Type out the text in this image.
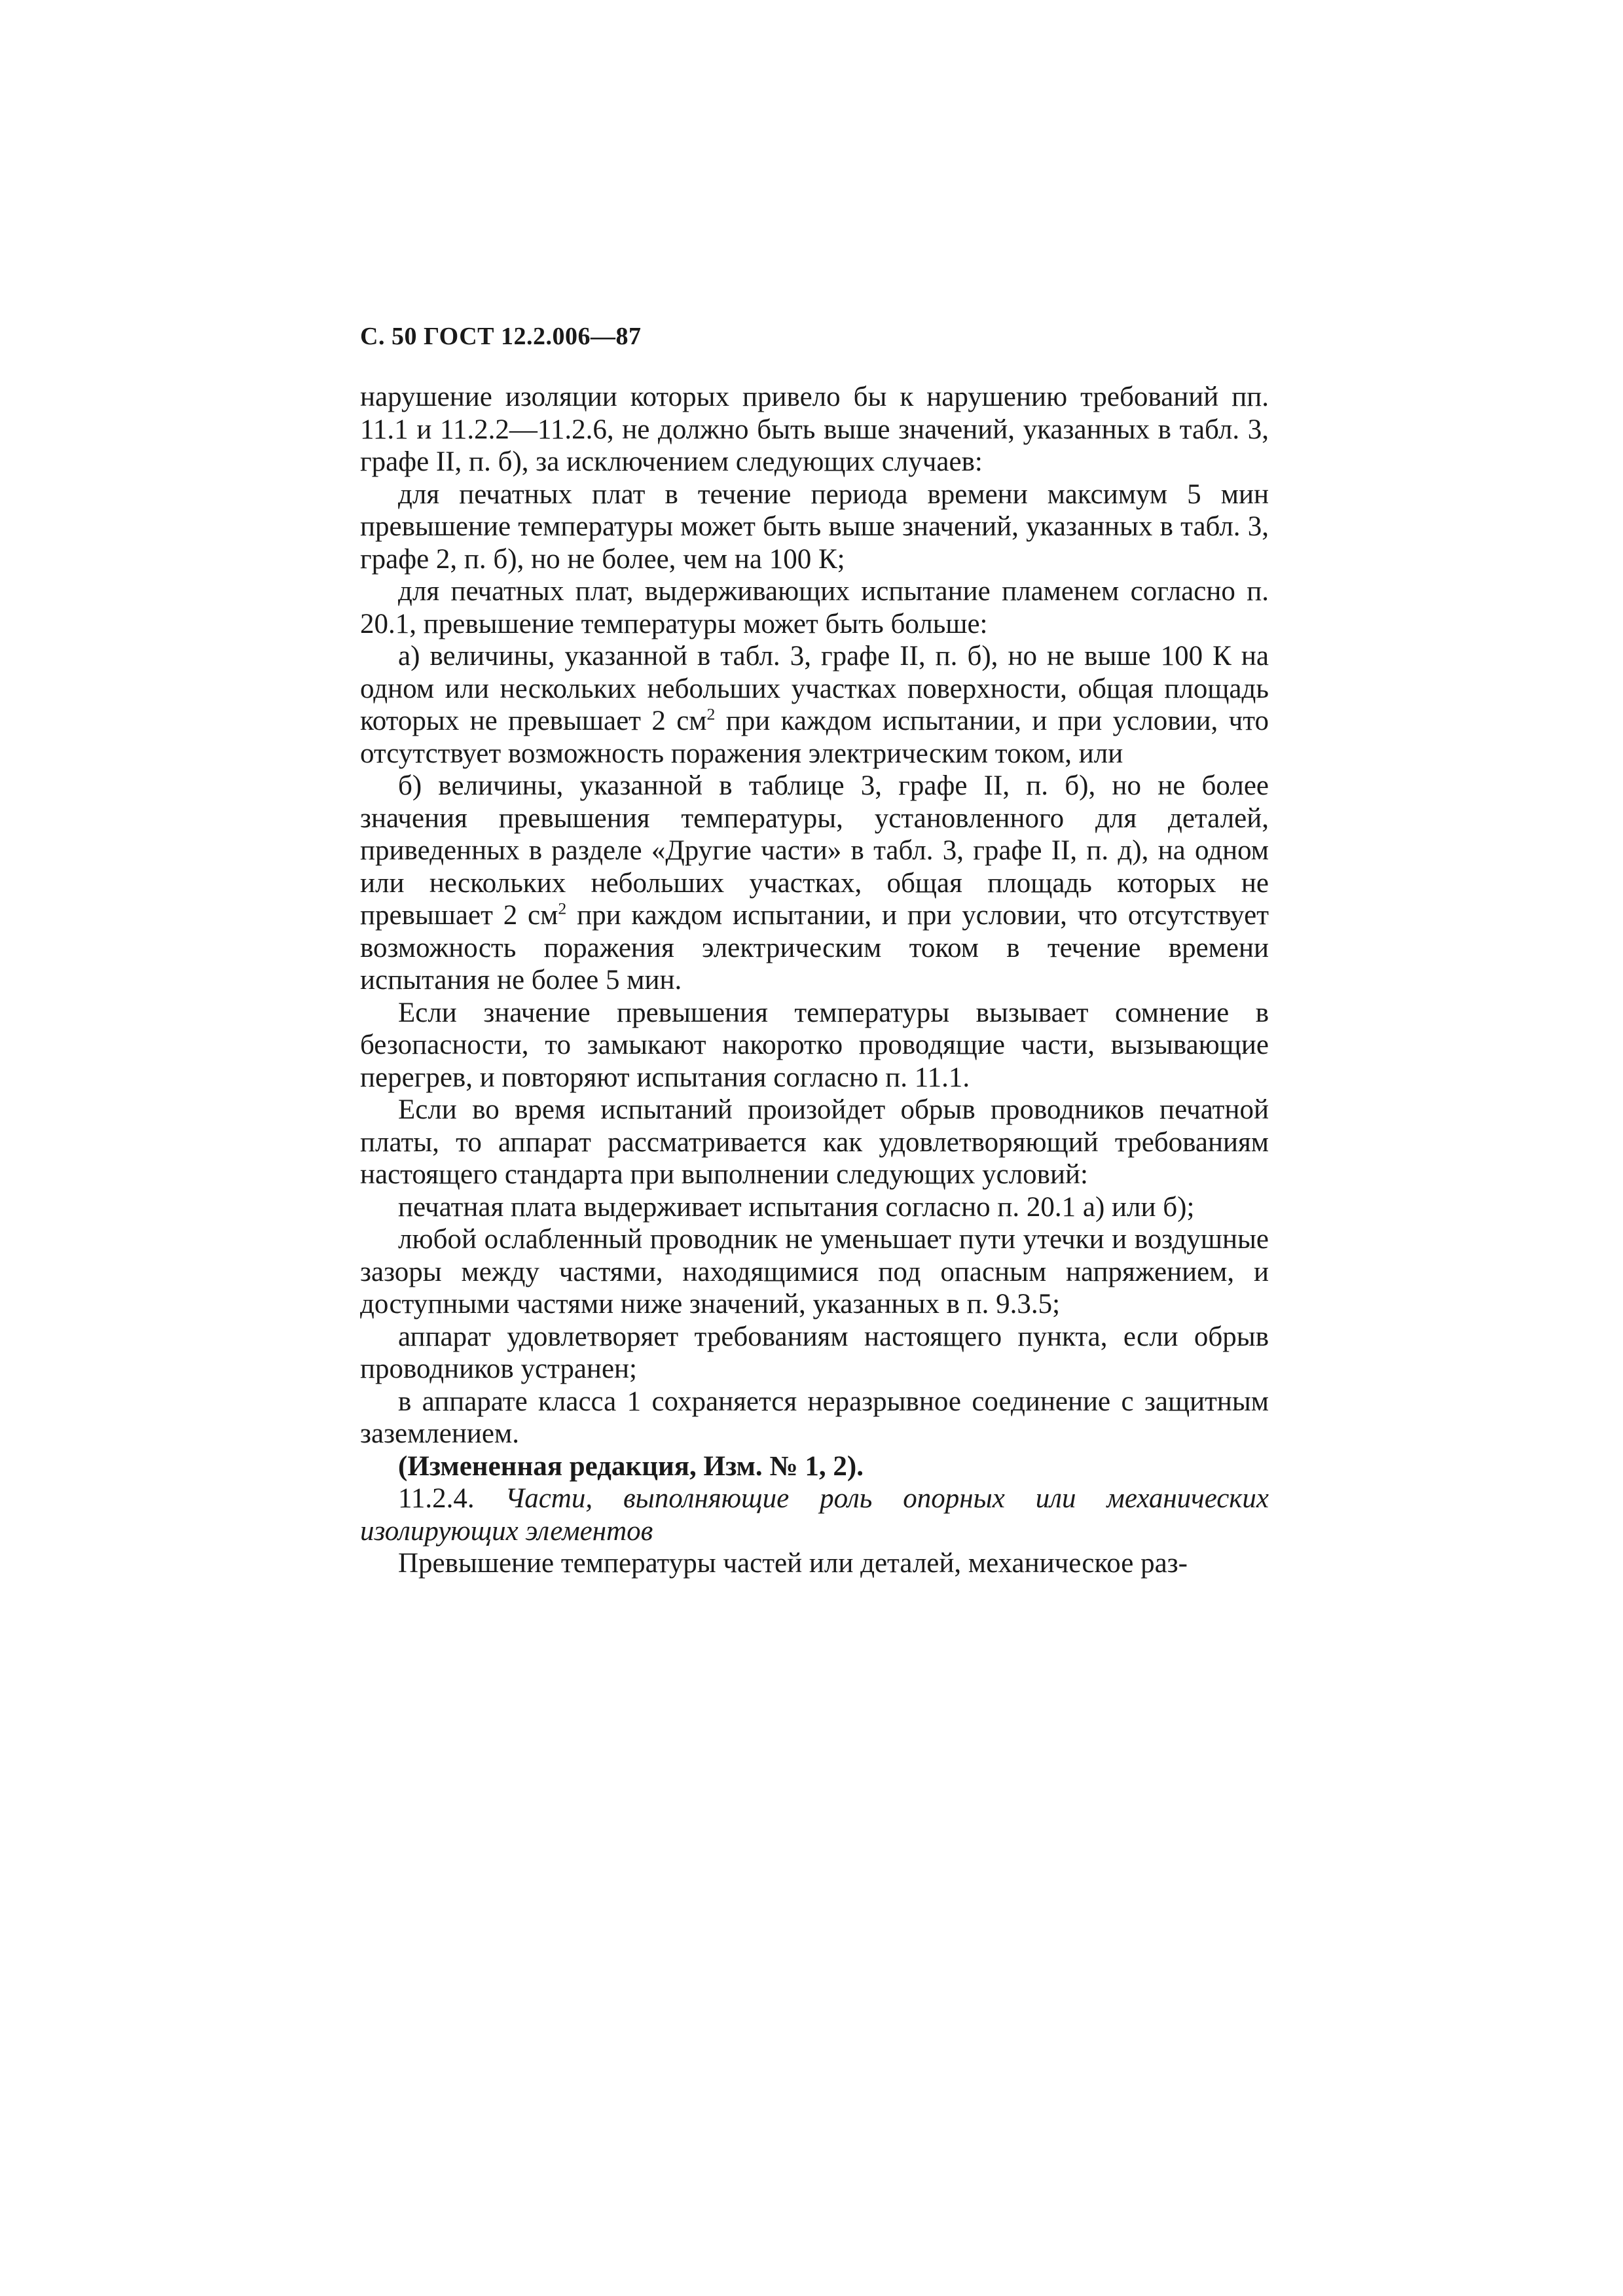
С. 50 ГОСТ 12.2.006—87

нарушение изоляции которых привело бы к нарушению требований пп. 11.1 и 11.2.2—11.2.6, не должно быть выше значений, указанных в табл. 3, графе II, п. б), за исключением следующих случаев:

для печатных плат в течение периода времени максимум 5 мин превышение температуры может быть выше значений, указанных в табл. 3, графе 2, п. б), но не более, чем на 100 К;

для печатных плат, выдерживающих испытание пламенем согласно п. 20.1, превышение температуры может быть больше:

а) величины, указанной в табл. 3, графе II, п. б), но не выше 100 К на одном или нескольких небольших участках поверхности, общая площадь которых не превышает 2 $см^2$ при каждом испытании, и при условии, что отсутствует возможность поражения электрическим током, или

б) величины, указанной в таблице 3, графе II, п. б), но не более значения превышения температуры, установленного для деталей, приведенных в разделе «Другие части» в табл. 3, графе II, п. д), на одном или нескольких небольших участках, общая площадь которых не превышает 2 $см^2$ при каждом испытании, и при условии, что отсутствует возможность поражения электрическим током в течение времени испытания не более 5 мин.

Если значение превышения температуры вызывает сомнение в безопасности, то замыкают накоротко проводящие части, вызывающие перегрев, и повторяют испытания согласно п. 11.1.

Если во время испытаний произойдет обрыв проводников печатной платы, то аппарат рассматривается как удовлетворяющий требованиям настоящего стандарта при выполнении следующих условий:

печатная плата выдерживает испытания согласно п. 20.1 а) или б);

любой ослабленный проводник не уменьшает пути утечки и воздушные зазоры между частями, находящимися под опасным напряжением, и доступными частями ниже значений, указанных в п. 9.3.5;

аппарат удовлетворяет требованиям настоящего пункта, если обрыв проводников устранен;

в аппарате класса 1 сохраняется неразрывное соединение с защитным заземлением.

(Измененная редакция, Изм. № 1, 2).

11.2.4. Части, выполняющие роль опорных или механических изолирующих элементов

Превышение температуры частей или деталей, механическое раз-
